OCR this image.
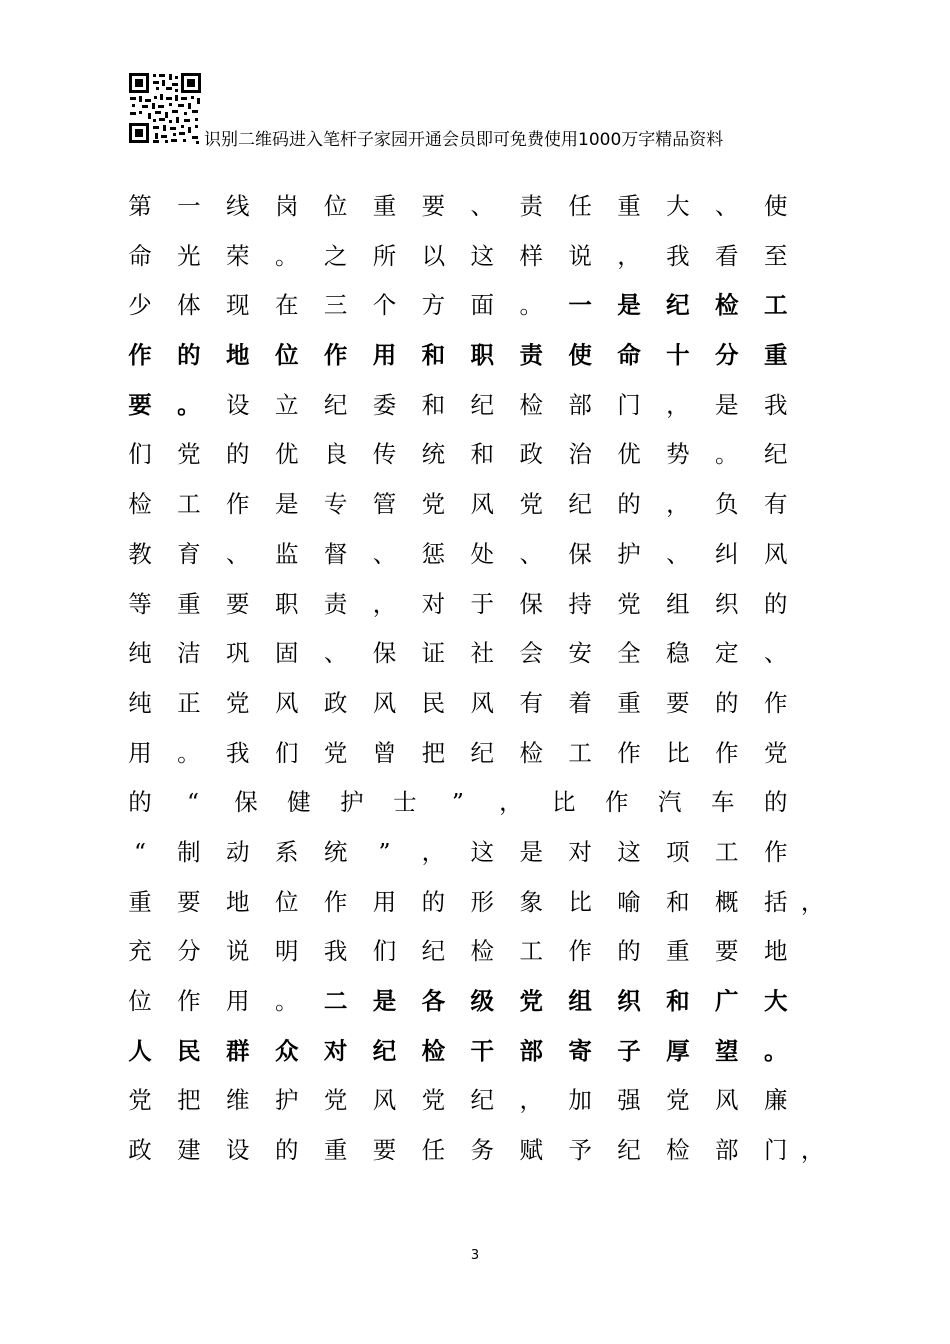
识别二维码进入笔杆子家园开通会员即可免费使用1000万字精品资料
第 一 线 岗 位 重 要 、 责 任 重 大 、 使
命 光 荣 。 之 所 以 这 样 说 ， 我 看 至
少 体 现 在 三 个 方 面 。 一 是 纪 检 工
作 的 地 位 作 用 和 职 责 使 命 十 分 重
要 。 设 立 纪 委 和 纪 检 部 门 ， 是 我
们 党 的 优 良 传 统 和 政 治 优 势 。 纪
检 工 作 是 专 管 党 风 党 纪 的 ， 负 有
教 育 、 监 督 、 惩 处 、 保 护 、 纠 风
等 重 要 职 责 ， 对 于 保 持 党 组 织 的
纯 洁 巩 固 、 保 证 社 会 安 全 稳 定 、
纯 正 党 风 政 风 民 风 有 着 重 要 的 作
用 。 我 们 党 曾 把 纪 检 工 作 比 作 党
的	“	保 健 护 士	”	， 比 作 汽 车 的
“	制 动 系 统	”	， 这 是 对 这 项 工 作
重 要 地 位 作 用 的 形 象 比 喻 和 概 括 ，
充 分 说 明 我 们 纪 检 工 作 的 重 要 地
位 作 用 。 二 是 各 级 党 组 织 和 广 大
人 民 群 众 对 纪 检 干 部 寄 子 厚 望 。
党 把 维 护 党 风 党 纪 ， 加 强 党 风 廉
政 建 设 的 重 要 任 务 赋 予 纪 检 部 门 ，
3
